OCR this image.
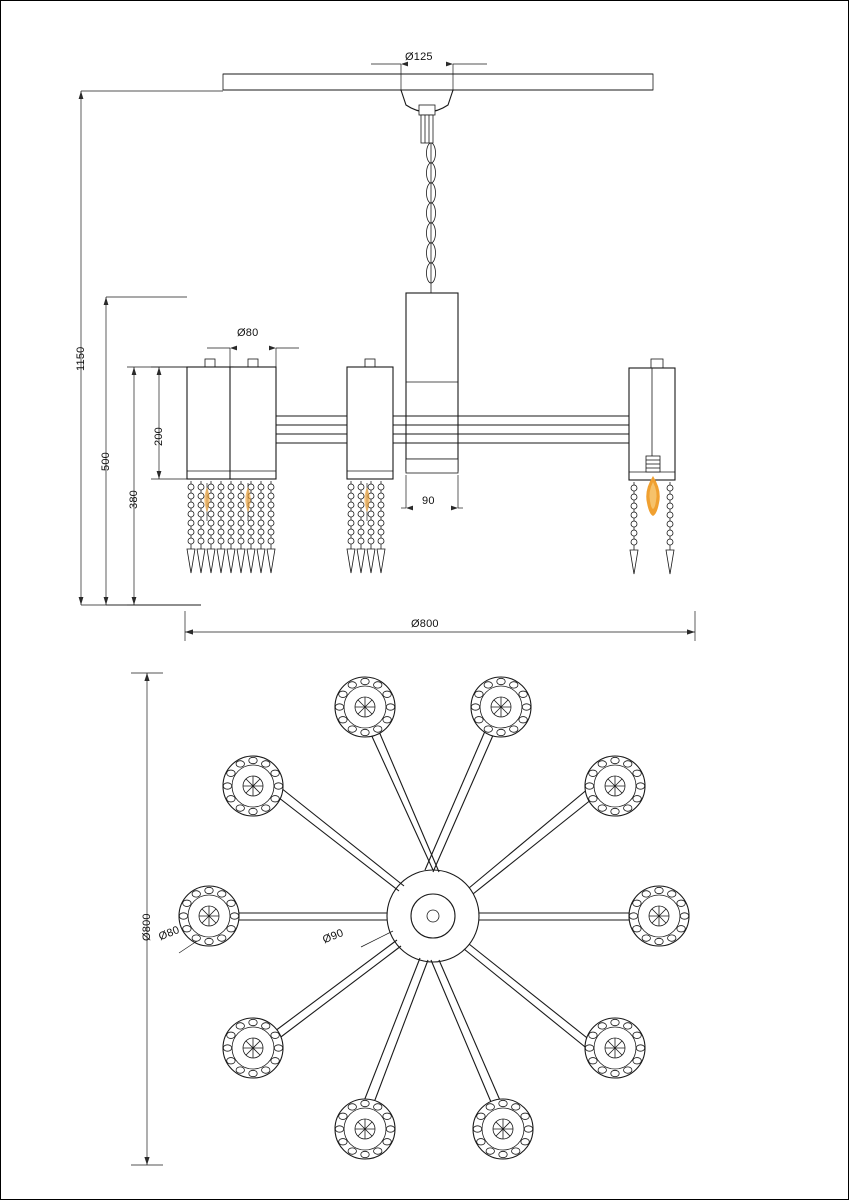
Ø125
1150
500
380
200
Ø80
90
Ø800
Ø800 Ø80	Ø90
